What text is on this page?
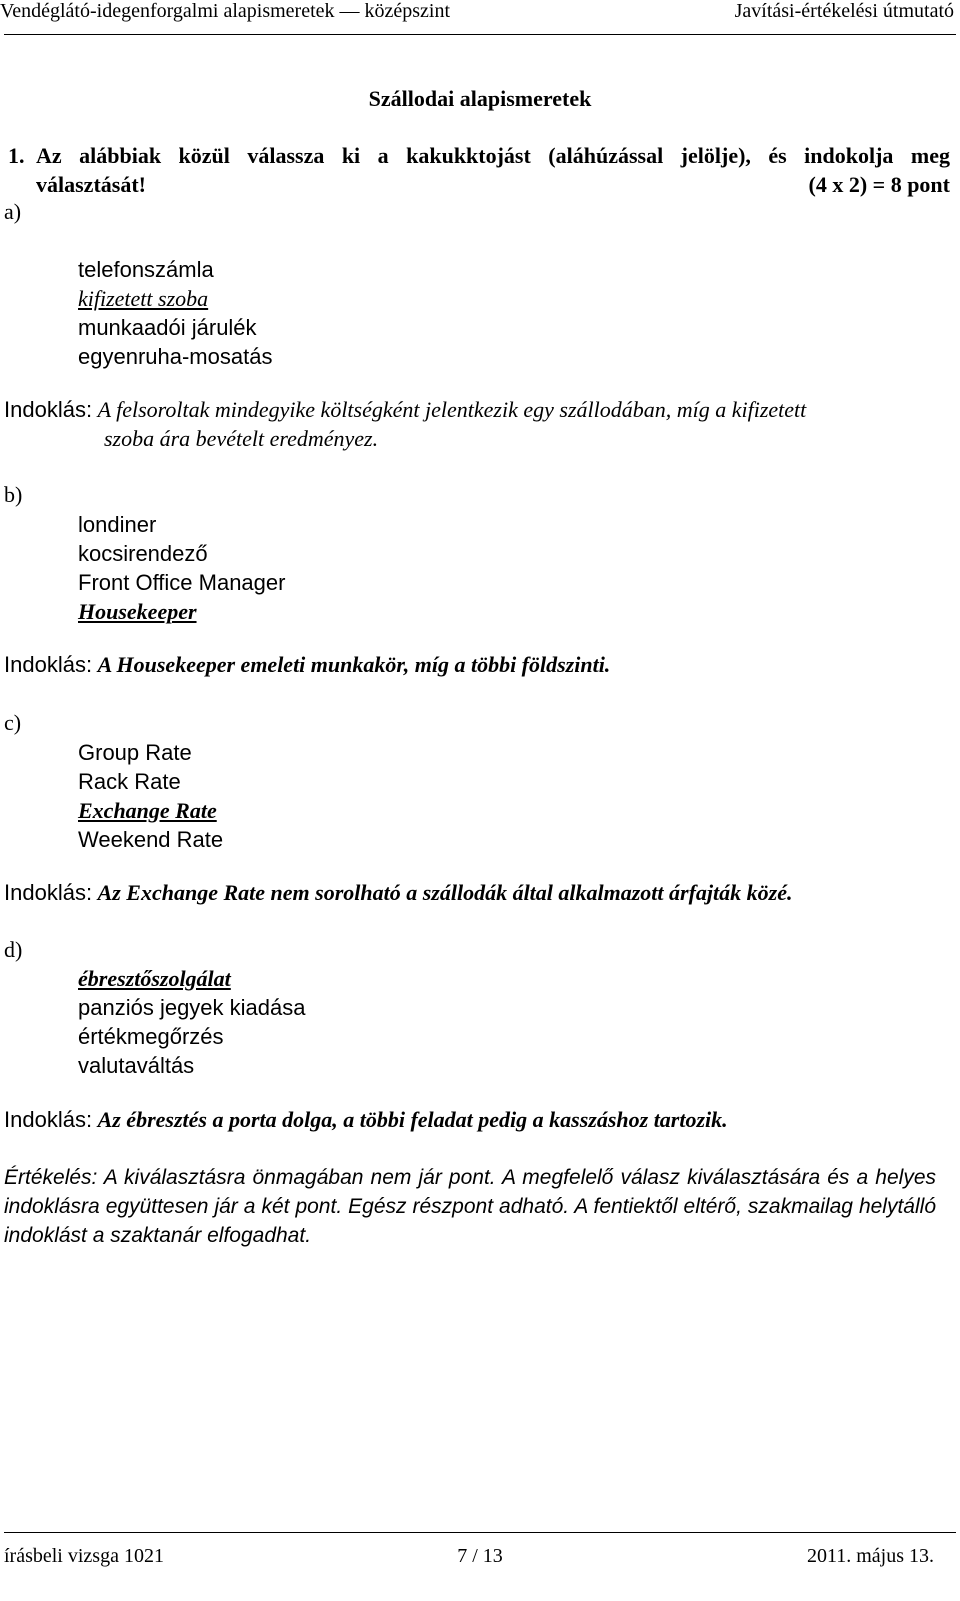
Vendéglátó-idegenforgalmi alapismeretek — középszint	Javítási-értékelési útmutató
Szállodai alapismeretek
1. Az alábbiak közül válassza ki a kakukktojást (aláhúzással jelölje), és indokolja meg
választását!	(4 x 2) = 8 pont
a)
telefonszámla
kifizetett szoba
munkaadói járulék
egyenruha-mosatás
Indoklás: A felsoroltak mindegyike költségként jelentkezik egy szállodában, míg a kifizetett
szoba ára bevételt eredményez.
b)
londiner
kocsirendező
Front Office Manager
Housekeeper
Indoklás: A Housekeeper emeleti munkakör, míg a többi földszinti.
c)
Group Rate
Rack Rate
Exchange Rate
Weekend Rate
Indoklás: Az Exchange Rate nem sorolható a szállodák által alkalmazott árfajták közé.
d)
ébresztőszolgálat
panziós jegyek kiadása
értékmegőrzés
valutaváltás
Indoklás: Az ébresztés a porta dolga, a többi feladat pedig a kasszáshoz tartozik.
Értékelés: A kiválasztásra önmagában nem jár pont. A megfelelő válasz kiválasztására és a helyes indoklásra együttesen jár a két pont. Egész részpont adható. A fentiektől eltérő, szakmailag helytálló indoklást a szaktanár elfogadhat.
írásbeli vizsga 1021	7 / 13	2011. május 13.
